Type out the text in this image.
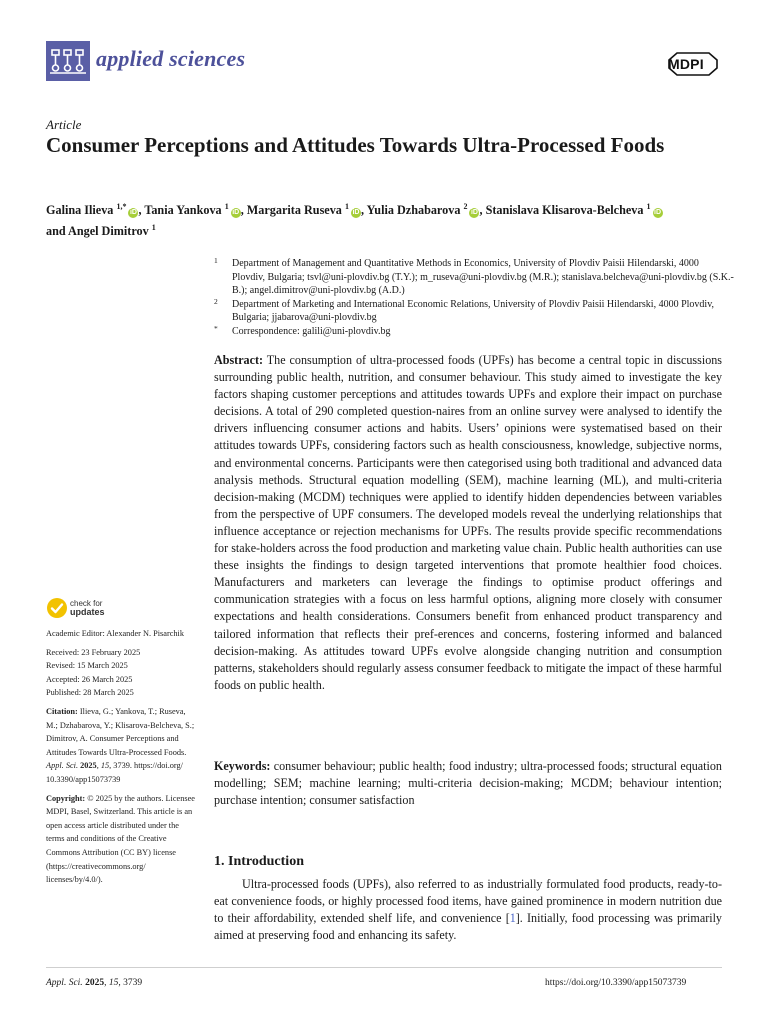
applied sciences	MDPI
Article
Consumer Perceptions and Attitudes Towards Ultra-Processed Foods
Galina Ilieva $^{1,*}$iD , Tania Yankova $^1$iD , Margarita Ruseva $^1$iD , Yulia Dzhabarova $^2$iD , Stanislava Klisarova-Belcheva $^1$iD
and Angel Dimitrov $^1$
1 Department of Management and Quantitative Methods in Economics, University of Plovdiv Paisii Hilendarski, 4000 Plovdiv, Bulgaria; tsvl@uni-plovdiv.bg (T.Y.); m_ruseva@uni-plovdiv.bg (M.R.); stanislava.belcheva@uni-plovdiv.bg (S.K.-B.); angel.dimitrov@uni-plovdiv.bg (A.D.)
2 Department of Marketing and International Economic Relations, University of Plovdiv Paisii Hilendarski, 4000 Plovdiv, Bulgaria; jjabarova@uni-plovdiv.bg
* Correspondence: galili@uni-plovdiv.bg
Abstract: The consumption of ultra-processed foods (UPFs) has become a central topic in discussions surrounding public health, nutrition, and consumer behaviour. This study aimed to investigate the key factors shaping customer perceptions and attitudes towards UPFs and explore their impact on purchase decisions. A total of 290 completed question-naires from an online survey were analysed to identify the drivers influencing consumer actions and habits. Users’ opinions were systematised based on their attitudes towards UPFs, considering factors such as health consciousness, knowledge, subjective norms, and environmental concerns. Participants were then categorised using both traditional and advanced data analysis methods. Structural equation modelling (SEM), machine learning (ML), and multi-criteria decision-making (MCDM) techniques were applied to identify hidden dependencies between variables from the perspective of UPF consumers. The developed models reveal the underlying relationships that influence acceptance or rejection mechanisms for UPFs. The results provide specific recommendations for stake-holders across the food production and marketing value chain. Public health authorities can use these insights the findings to design targeted interventions that promote healthier food choices. Manufacturers and marketers can leverage the findings to optimise product offerings and communication strategies with a focus on less harmful options, aligning more closely with consumer expectations and health considerations. Consumers benefit from enhanced product transparency and tailored information that reflects their pref-erences and concerns, fostering informed and balanced decision-making. As attitudes toward UPFs evolve alongside changing nutrition and consumption patterns, stakeholders should regularly assess consumer feedback to mitigate the impact of these harmful foods on public health.
Keywords: consumer behaviour; public health; food industry; ultra-processed foods; structural equation modelling; SEM; machine learning; multi-criteria decision-making; MCDM; behaviour intention; purchase intention; consumer satisfaction
1. Introduction
Ultra-processed foods (UPFs), also referred to as industrially formulated food products, ready-to-eat convenience foods, or highly processed food items, have gained prominence in modern nutrition due to their affordability, extended shelf life, and convenience [1]. Initially, food processing was primarily aimed at preserving food and enhancing its safety.
check for
updates

Academic Editor: Alexander N. Pisarchik

Received: 23 February 2025
Revised: 15 March 2025
Accepted: 26 March 2025

Published: 28 March 2025

Citation: Ilieva, G.; Yankova, T.; Ruseva, M.; Dzhabarova, Y.; Klisarova-Belcheva, S.; Dimitrov, A. Consumer Perceptions and Attitudes Towards Ultra-Processed Foods. Appl. Sci. 2025, 15, 3739. https://doi.org/ 10.3390/app15073739

Copyright: © 2025 by the authors. Licensee MDPI, Basel, Switzerland. This article is an open access article distributed under the terms and conditions of the Creative Commons Attribution (CC BY) license (https://creativecommons.org/ licenses/by/4.0/).

Appl. Sci. 2025, 15, 3739	https://doi.org/10.3390/app15073739
